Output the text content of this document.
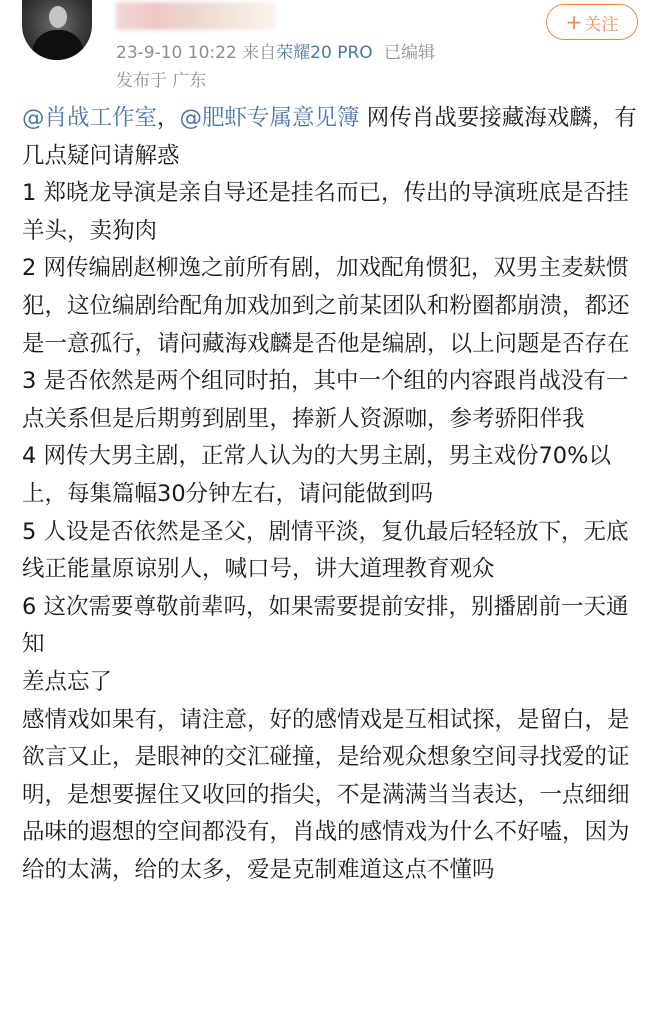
23-9-10 10:22 来自荣耀20 PRO 已编辑
发布于 广东
+ 关注

@肖战工作室，@肥虾专属意见簿 网传肖战要接藏海戏麟，有几点疑问请解惑

1 郑晓龙导演是亲自导还是挂名而已，传出的导演班底是否挂羊头，卖狗肉

2 网传编剧赵柳逸之前所有剧，加戏配角惯犯，双男主麦麸惯犯，这位编剧给配角加戏加到之前某团队和粉圈都崩溃，都还是一意孤行，请问藏海戏麟是否他是编剧，以上问题是否存在

3 是否依然是两个组同时拍，其中一个组的内容跟肖战没有一点关系但是后期剪到剧里，捧新人资源咖，参考骄阳伴我

4 网传大男主剧，正常人认为的大男主剧，男主戏份70%以上，每集篇幅30分钟左右，请问能做到吗

5 人设是否依然是圣父，剧情平淡，复仇最后轻轻放下，无底线正能量原谅别人，喊口号，讲大道理教育观众

6 这次需要尊敬前辈吗，如果需要提前安排，别播剧前一天通知

差点忘了

感情戏如果有，请注意，好的感情戏是互相试探，是留白，是欲言又止，是眼神的交汇碰撞，是给观众想象空间寻找爱的证明，是想要握住又收回的指尖，不是满满当当表达，一点细细品味的遐想的空间都没有，肖战的感情戏为什么不好嗑，因为给的太满，给的太多，爱是克制难道这点不懂吗
